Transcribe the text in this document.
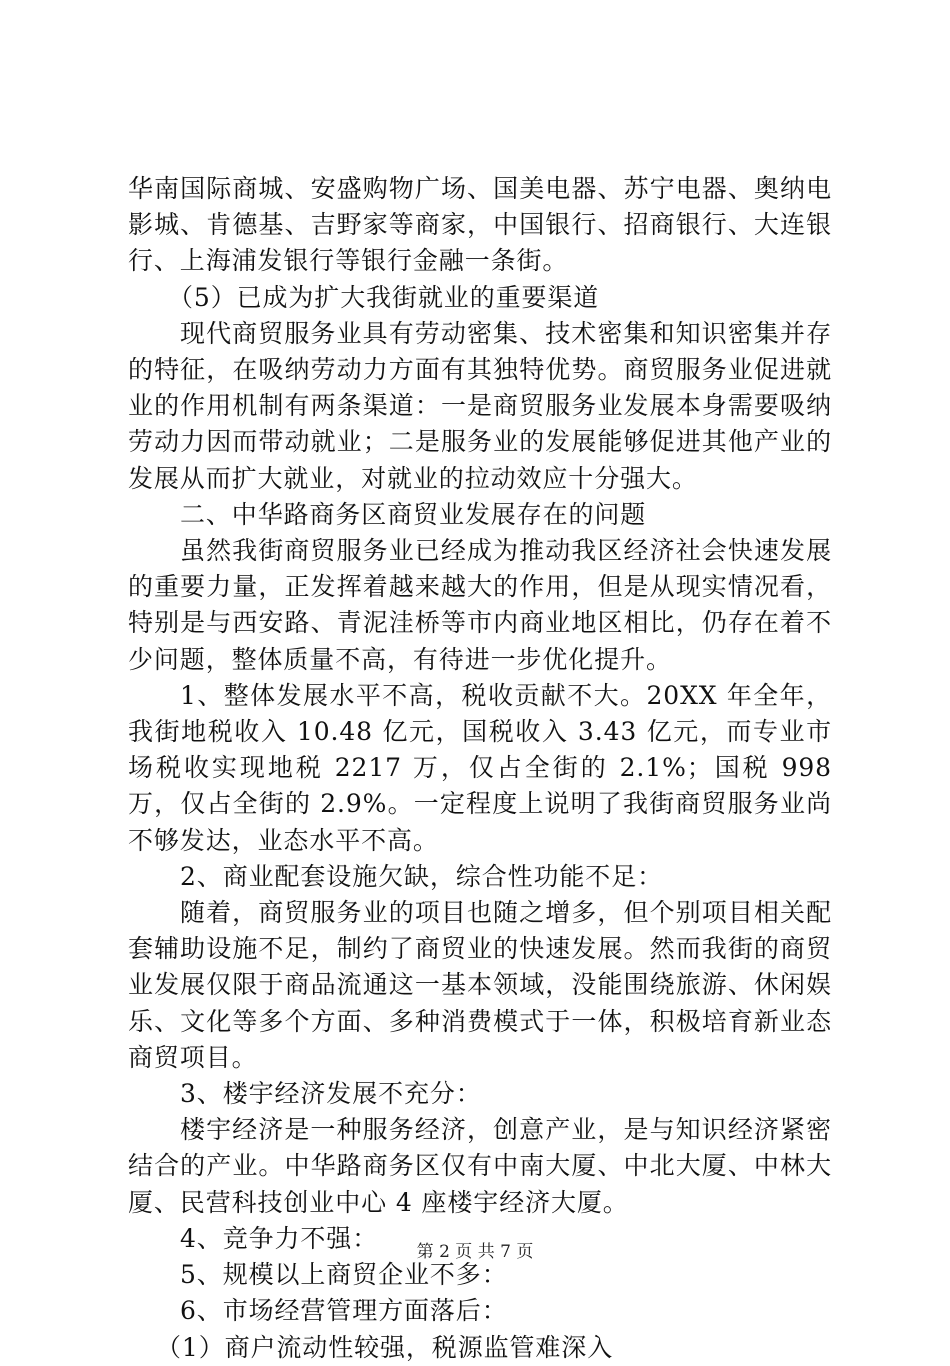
华南国际商城、安盛购物广场、国美电器、苏宁电器、奥纳电影城、肯德基、吉野家等商家，中国银行、招商银行、大连银行、上海浦发银行等银行金融一条街。

（5）已成为扩大我街就业的重要渠道

现代商贸服务业具有劳动密集、技术密集和知识密集并存的特征，在吸纳劳动力方面有其独特优势。商贸服务业促进就业的作用机制有两条渠道：一是商贸服务业发展本身需要吸纳劳动力因而带动就业；二是服务业的发展能够促进其他产业的发展从而扩大就业，对就业的拉动效应十分强大。

二、中华路商务区商贸业发展存在的问题

虽然我街商贸服务业已经成为推动我区经济社会快速发展的重要力量，正发挥着越来越大的作用，但是从现实情况看，特别是与西安路、青泥洼桥等市内商业地区相比，仍存在着不少问题，整体质量不高，有待进一步优化提升。

1、整体发展水平不高，税收贡献不大。20XX 年全年，我街地税收入 10.48 亿元，国税收入 3.43 亿元，而专业市场税收实现地税 2217 万，仅占全街的 2.1%；国税 998 万，仅占全街的 2.9%。一定程度上说明了我街商贸服务业尚不够发达，业态水平不高。

2、商业配套设施欠缺，综合性功能不足：

随着，商贸服务业的项目也随之增多，但个别项目相关配套辅助设施不足，制约了商贸业的快速发展。然而我街的商贸业发展仅限于商品流通这一基本领域，没能围绕旅游、休闲娱乐、文化等多个方面、多种消费模式于一体，积极培育新业态商贸项目。

3、楼宇经济发展不充分：

楼宇经济是一种服务经济，创意产业，是与知识经济紧密结合的产业。中华路商务区仅有中南大厦、中北大厦、中林大厦、民营科技创业中心 4 座楼宇经济大厦。

4、竞争力不强：

5、规模以上商贸企业不多：

6、市场经营管理方面落后：

（1）商户流动性较强，税源监管难深入

第 2 页 共 7 页
